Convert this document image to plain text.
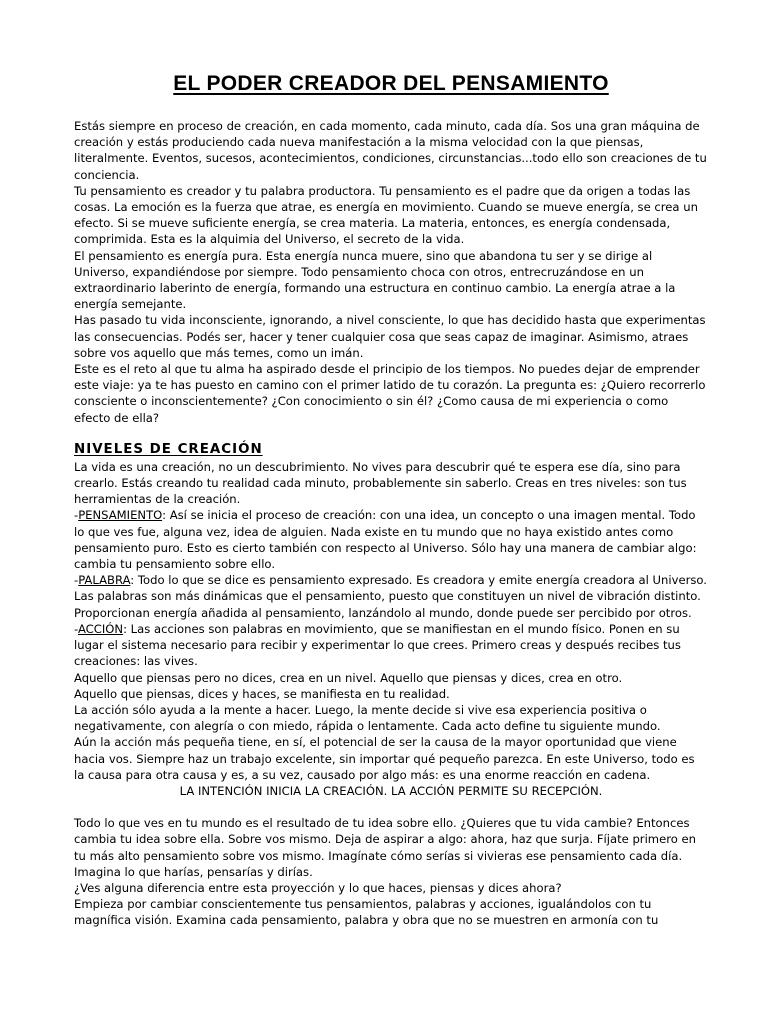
EL PODER CREADOR DEL PENSAMIENTO

Estás siempre en proceso de creación, en cada momento, cada minuto, cada día. Sos una gran máquina de creación y estás produciendo cada nueva manifestación a la misma velocidad con la que piensas, literalmente. Eventos, sucesos, acontecimientos, condiciones, circunstancias...todo ello son creaciones de tu conciencia.

Tu pensamiento es creador y tu palabra productora. Tu pensamiento es el padre que da origen a todas las cosas. La emoción es la fuerza que atrae, es energía en movimiento. Cuando se mueve energía, se crea un efecto. Si se mueve suficiente energía, se crea materia. La materia, entonces, es energía condensada, comprimida. Esta es la alquimia del Universo, el secreto de la vida.

El pensamiento es energía pura. Esta energía nunca muere, sino que abandona tu ser y se dirige al Universo, expandiéndose por siempre. Todo pensamiento choca con otros, entrecruzándose en un extraordinario laberinto de energía, formando una estructura en continuo cambio. La energía atrae a la energía semejante.

Has pasado tu vida inconsciente, ignorando, a nivel consciente, lo que has decidido hasta que experimentas las consecuencias. Podés ser, hacer y tener cualquier cosa que seas capaz de imaginar. Asimismo, atraes sobre vos aquello que más temes, como un imán.

Este es el reto al que tu alma ha aspirado desde el principio de los tiempos. No puedes dejar de emprender este viaje: ya te has puesto en camino con el primer latido de tu corazón. La pregunta es: ¿Quiero recorrerlo consciente o inconscientemente? ¿Con conocimiento o sin él? ¿Como causa de mi experiencia o como efecto de ella?

NIVELES DE CREACIÓN

La vida es una creación, no un descubrimiento. No vives para descubrir qué te espera ese día, sino para crearlo. Estás creando tu realidad cada minuto, probablemente sin saberlo. Creas en tres niveles: son tus herramientas de la creación.

-PENSAMIENTO: Así se inicia el proceso de creación: con una idea, un concepto o una imagen mental. Todo lo que ves fue, alguna vez, idea de alguien. Nada existe en tu mundo que no haya existido antes como pensamiento puro. Esto es cierto también con respecto al Universo. Sólo hay una manera de cambiar algo: cambia tu pensamiento sobre ello.

-PALABRA: Todo lo que se dice es pensamiento expresado. Es creadora y emite energía creadora al Universo. Las palabras son más dinámicas que el pensamiento, puesto que constituyen un nivel de vibración distinto. Proporcionan energía añadida al pensamiento, lanzándolo al mundo, donde puede ser percibido por otros.

-ACCIÓN: Las acciones son palabras en movimiento, que se manifiestan en el mundo físico. Ponen en su lugar el sistema necesario para recibir y experimentar lo que crees. Primero creas y después recibes tus creaciones: las vives.

Aquello que piensas pero no dices, crea en un nivel. Aquello que piensas y dices, crea en otro.

Aquello que piensas, dices y haces, se manifiesta en tu realidad.

La acción sólo ayuda a la mente a hacer. Luego, la mente decide si vive esa experiencia positiva o negativamente, con alegría o con miedo, rápida o lentamente. Cada acto define tu siguiente mundo.

Aún la acción más pequeña tiene, en sí, el potencial de ser la causa de la mayor oportunidad que viene hacia vos. Siempre haz un trabajo excelente, sin importar qué pequeño parezca. En este Universo, todo es la causa para otra causa y es, a su vez, causado por algo más: es una enorme reacción en cadena.

LA INTENCIÓN INICIA LA CREACIÓN. LA ACCIÓN PERMITE SU RECEPCIÓN.

Todo lo que ves en tu mundo es el resultado de tu idea sobre ello. ¿Quieres que tu vida cambie? Entonces cambia tu idea sobre ella. Sobre vos mismo. Deja de aspirar a algo: ahora, haz que surja. Fíjate primero en tu más alto pensamiento sobre vos mismo. Imagínate cómo serías si vivieras ese pensamiento cada día. Imagina lo que harías, pensarías y dirías.

¿Ves alguna diferencia entre esta proyección y lo que haces, piensas y dices ahora?

Empieza por cambiar conscientemente tus pensamientos, palabras y acciones, igualándolos con tu magnífica visión. Examina cada pensamiento, palabra y obra que no se muestren en armonía con tu
